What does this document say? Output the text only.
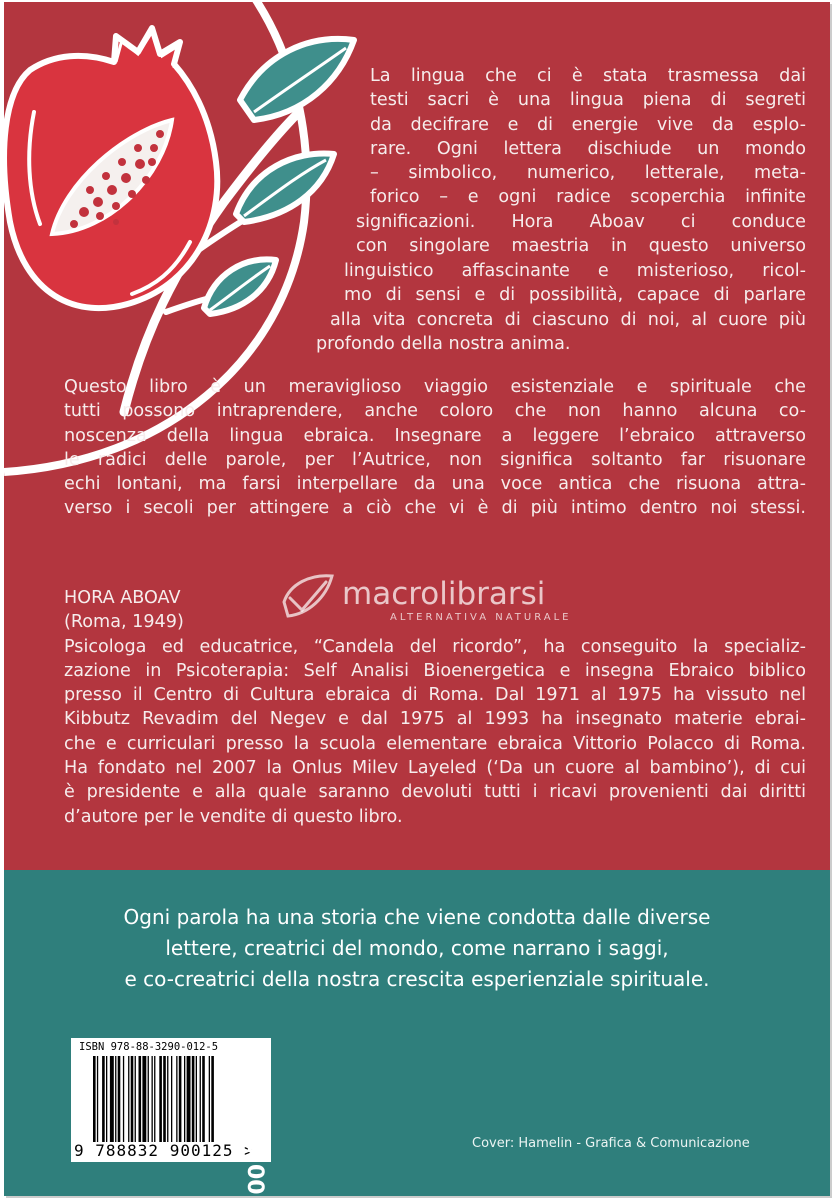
La lingua che ci è stata trasmessa dai
testi sacri è una lingua piena di segreti
da decifrare e di energie vive da esplo-
rare. Ogni lettera dischiude un mondo
– simbolico, numerico, letterale, meta-
forico – e ogni radice scoperchia infinite
significazioni. Hora Aboav ci conduce
con singolare maestria in questo universo
linguistico affascinante e misterioso, ricol-
mo di sensi e di possibilità, capace di parlare
alla vita concreta di ciascuno di noi, al cuore più
profondo della nostra anima.
Questo libro è un meraviglioso viaggio esistenziale e spirituale che
tutti possono intraprendere, anche coloro che non hanno alcuna co-
noscenza della lingua ebraica. Insegnare a leggere l’ebraico attraverso
le radici delle parole, per l’Autrice, non significa soltanto far risuonare
echi lontani, ma farsi interpellare da una voce antica che risuona attra-
verso i secoli per attingere a ciò che vi è di più intimo dentro noi stessi.
macrolibrarsi
ALTERNATIVA NATURALE
HORA ABOAV
(Roma, 1949)
Psicologa ed educatrice, “Candela del ricordo”, ha conseguito la specializ-
zazione in Psicoterapia: Self Analisi Bioenergetica e insegna Ebraico biblico
presso il Centro di Cultura ebraica di Roma. Dal 1971 al 1975 ha vissuto nel
Kibbutz Revadim del Negev e dal 1975 al 1993 ha insegnato materie ebrai-
che e curriculari presso la scuola elementare ebraica Vittorio Polacco di Roma.
Ha fondato nel 2007 la Onlus Milev Layeled (‘Da un cuore al bambino’), di cui
è presidente e alla quale saranno devoluti tutti i ricavi provenienti dai diritti
d’autore per le vendite di questo libro.
Ogni parola ha una storia che viene condotta dalle diverse
lettere, creatrici del mondo, come narrano i saggi,
e co-creatrici della nostra crescita esperienziale spirituale.
ISBN 978-88-3290-012-5
9 788832 900125 >
€ 20,00	Cover: Hamelin - Grafica & Comunicazione
